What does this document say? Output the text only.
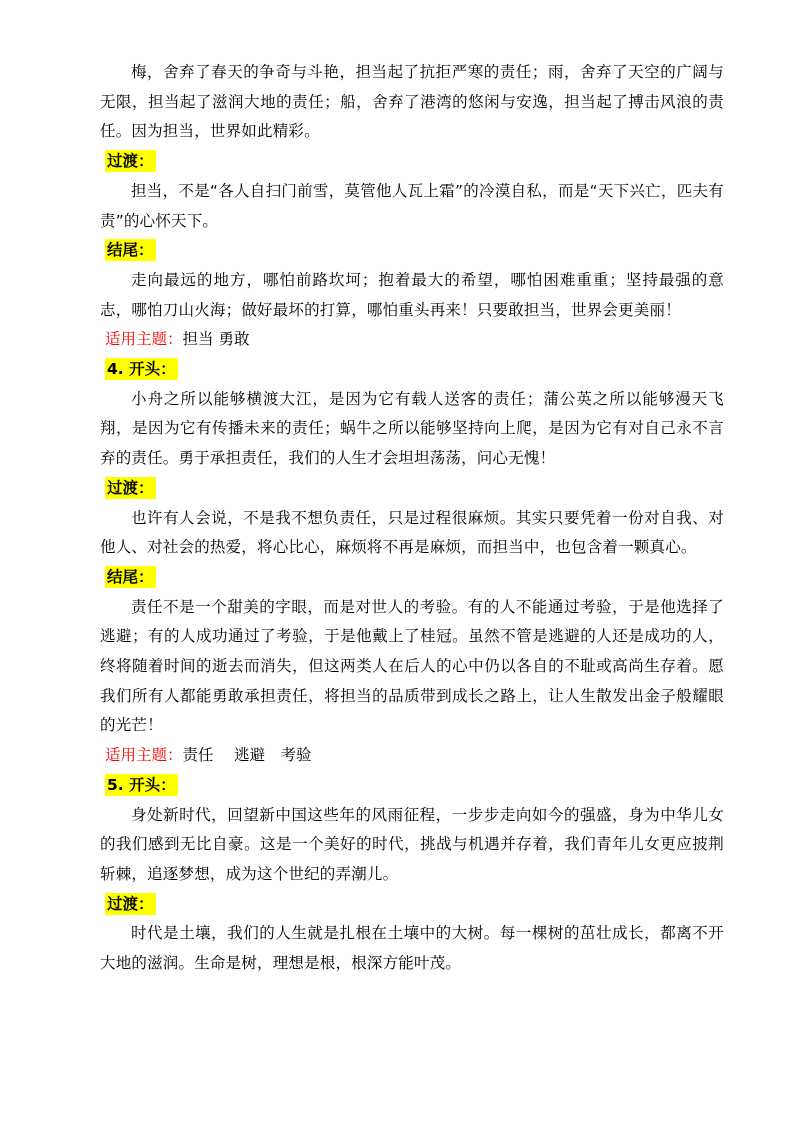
梅，舍弃了春天的争奇与斗艳，担当起了抗拒严寒的责任；雨，舍弃了天空的广阔与无限，担当起了滋润大地的责任；船，舍弃了港湾的悠闲与安逸，担当起了搏击风浪的责任。因为担当，世界如此精彩。

过渡：

担当，不是“各人自扫门前雪，莫管他人瓦上霜”的冷漠自私，而是“天下兴亡，匹夫有责”的心怀天下。

结尾：

走向最远的地方，哪怕前路坎坷；抱着最大的希望，哪怕困难重重；坚持最强的意志，哪怕刀山火海；做好最坏的打算，哪怕重头再来！只要敢担当，世界会更美丽！

适用主题：担当 勇敢

4. 开头：

小舟之所以能够横渡大江，是因为它有载人送客的责任；蒲公英之所以能够漫天飞翔，是因为它有传播未来的责任；蜗牛之所以能够坚持向上爬，是因为它有对自己永不言弃的责任。勇于承担责任，我们的人生才会坦坦荡荡，问心无愧！

过渡：

也许有人会说，不是我不想负责任，只是过程很麻烦。其实只要凭着一份对自我、对他人、对社会的热爱，将心比心，麻烦将不再是麻烦，而担当中，也包含着一颗真心。

结尾：

责任不是一个甜美的字眼，而是对世人的考验。有的人不能通过考验，于是他选择了逃避；有的人成功通过了考验，于是他戴上了桂冠。虽然不管是逃避的人还是成功的人，终将随着时间的逝去而消失，但这两类人在后人的心中仍以各自的不耻或高尚生存着。愿我们所有人都能勇敢承担责任，将担当的品质带到成长之路上，让人生散发出金子般耀眼的光芒！

适用主题：责任　 逃避　考验

5. 开头：

身处新时代，回望新中国这些年的风雨征程，一步步走向如今的强盛，身为中华儿女的我们感到无比自豪。这是一个美好的时代，挑战与机遇并存着，我们青年儿女更应披荆斩棘，追逐梦想，成为这个世纪的弄潮儿。

过渡：

时代是土壤，我们的人生就是扎根在土壤中的大树。每一棵树的茁壮成长，都离不开大地的滋润。生命是树，理想是根，根深方能叶茂。
